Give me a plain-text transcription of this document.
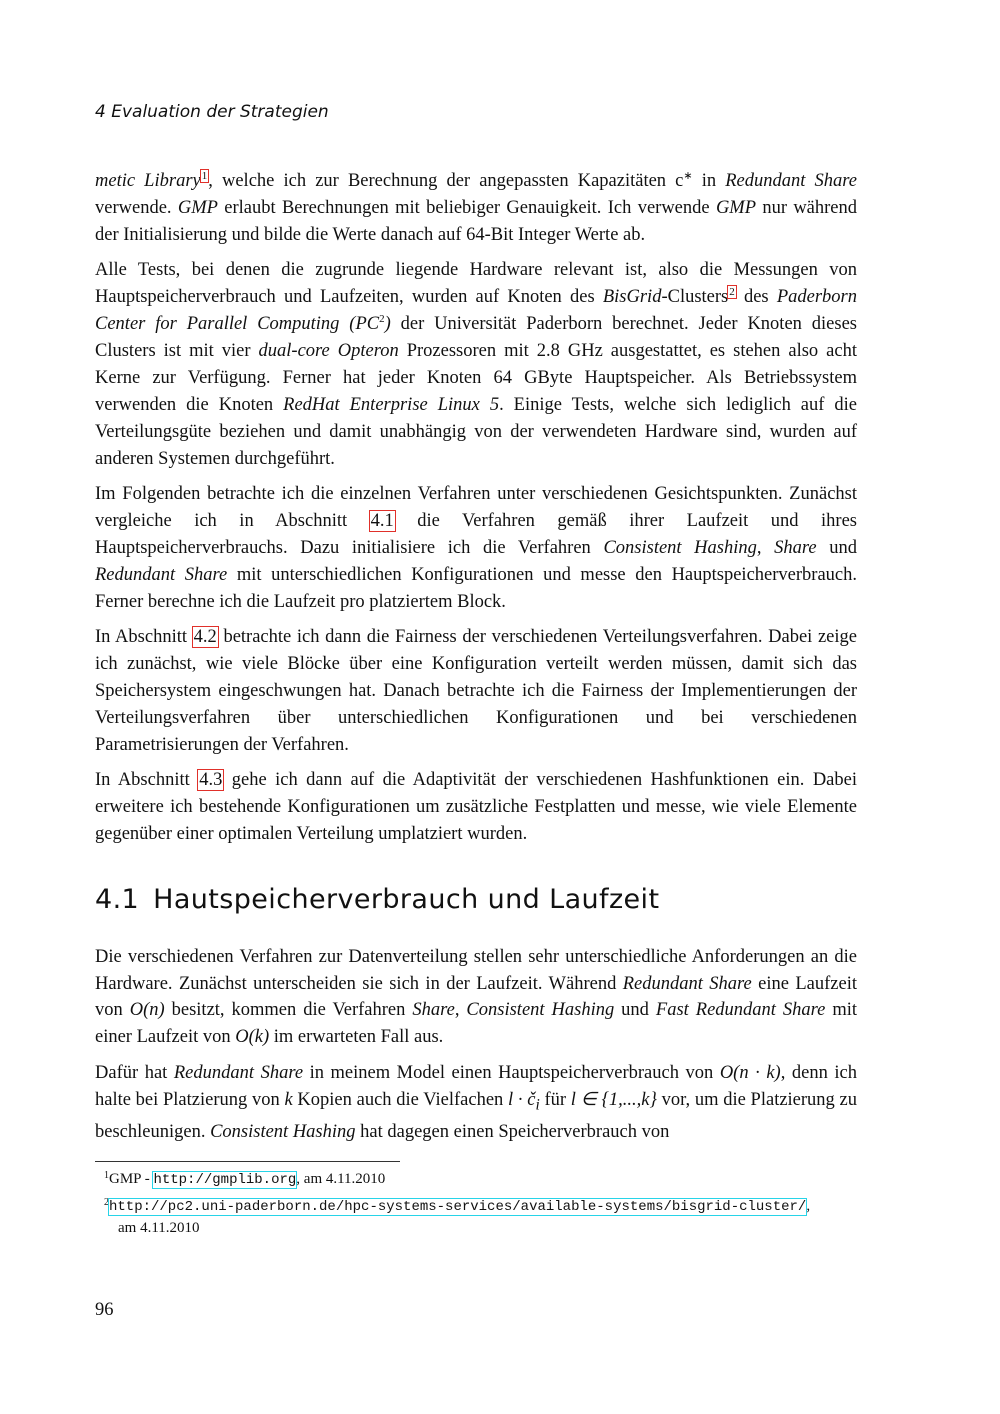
4 Evaluation der Strategien

metic Library$^1$, welche ich zur Berechnung der angepassten Kapazitäten c∗ in Redundant Share verwende. GMP erlaubt Berechnungen mit beliebiger Genauigkeit. Ich verwende GMP nur während der Initialisierung und bilde die Werte danach auf 64-Bit Integer Werte ab.

Alle Tests, bei denen die zugrunde liegende Hardware relevant ist, also die Messungen von Hauptspeicherverbrauch und Laufzeiten, wurden auf Knoten des BisGrid-Clusters$^2$ des Paderborn Center for Parallel Computing $(PC^2)$ der Universität Paderborn berechnet. Jeder Knoten dieses Clusters ist mit vier dual-core Opteron Prozessoren mit 2.8 GHz ausgestattet, es stehen also acht Kerne zur Verfügung. Ferner hat jeder Knoten 64 GByte Hauptspeicher. Als Betriebssystem verwenden die Knoten RedHat Enterprise Linux 5. Einige Tests, welche sich lediglich auf die Verteilungsgüte beziehen und damit unabhängig von der verwendeten Hardware sind, wurden auf anderen Systemen durchgeführt.

Im Folgenden betrachte ich die einzelnen Verfahren unter verschiedenen Gesichtspunkten. Zunächst vergleiche ich in Abschnitt 4.1 die Verfahren gemäß ihrer Laufzeit und ihres Hauptspeicherverbrauchs. Dazu initialisiere ich die Verfahren Consistent Hashing, Share und Redundant Share mit unterschiedlichen Konfigurationen und messe den Hauptspeicherverbrauch. Ferner berechne ich die Laufzeit pro platziertem Block.

In Abschnitt 4.2 betrachte ich dann die Fairness der verschiedenen Verteilungsverfahren. Dabei zeige ich zunächst, wie viele Blöcke über eine Konfiguration verteilt werden müssen, damit sich das Speichersystem eingeschwungen hat. Danach betrachte ich die Fairness der Implementierungen der Verteilungsverfahren über unterschiedlichen Konfigurationen und bei verschiedenen Parametrisierungen der Verfahren.

In Abschnitt 4.3 gehe ich dann auf die Adaptivität der verschiedenen Hashfunktionen ein. Dabei erweitere ich bestehende Konfigurationen um zusätzliche Festplatten und messe, wie viele Elemente gegenüber einer optimalen Verteilung umplatziert wurden.

4.1 Hautspeicherverbrauch und Laufzeit

Die verschiedenen Verfahren zur Datenverteilung stellen sehr unterschiedliche Anforderungen an die Hardware. Zunächst unterscheiden sie sich in der Laufzeit. Während Redundant Share eine Laufzeit von O(n) besitzt, kommen die Verfahren Share, Consistent Hashing und Fast Redundant Share mit einer Laufzeit von O(k) im erwarteten Fall aus.

Dafür hat Redundant Share in meinem Model einen Hauptspeicherverbrauch von O(n · k), denn ich halte bei Platzierung von k Kopien auch die Vielfachen $l \cdot č_i$ für l ∈ {1,...,k} vor, um die Platzierung zu beschleunigen. Consistent Hashing hat dagegen einen Speicherverbrauch von

$^1$GMP - http://gmplib.org, am 4.11.2010
$^2$http://pc2.uni-paderborn.de/hpc-systems-services/available-systems/bisgrid-cluster/,
am 4.11.2010
96
